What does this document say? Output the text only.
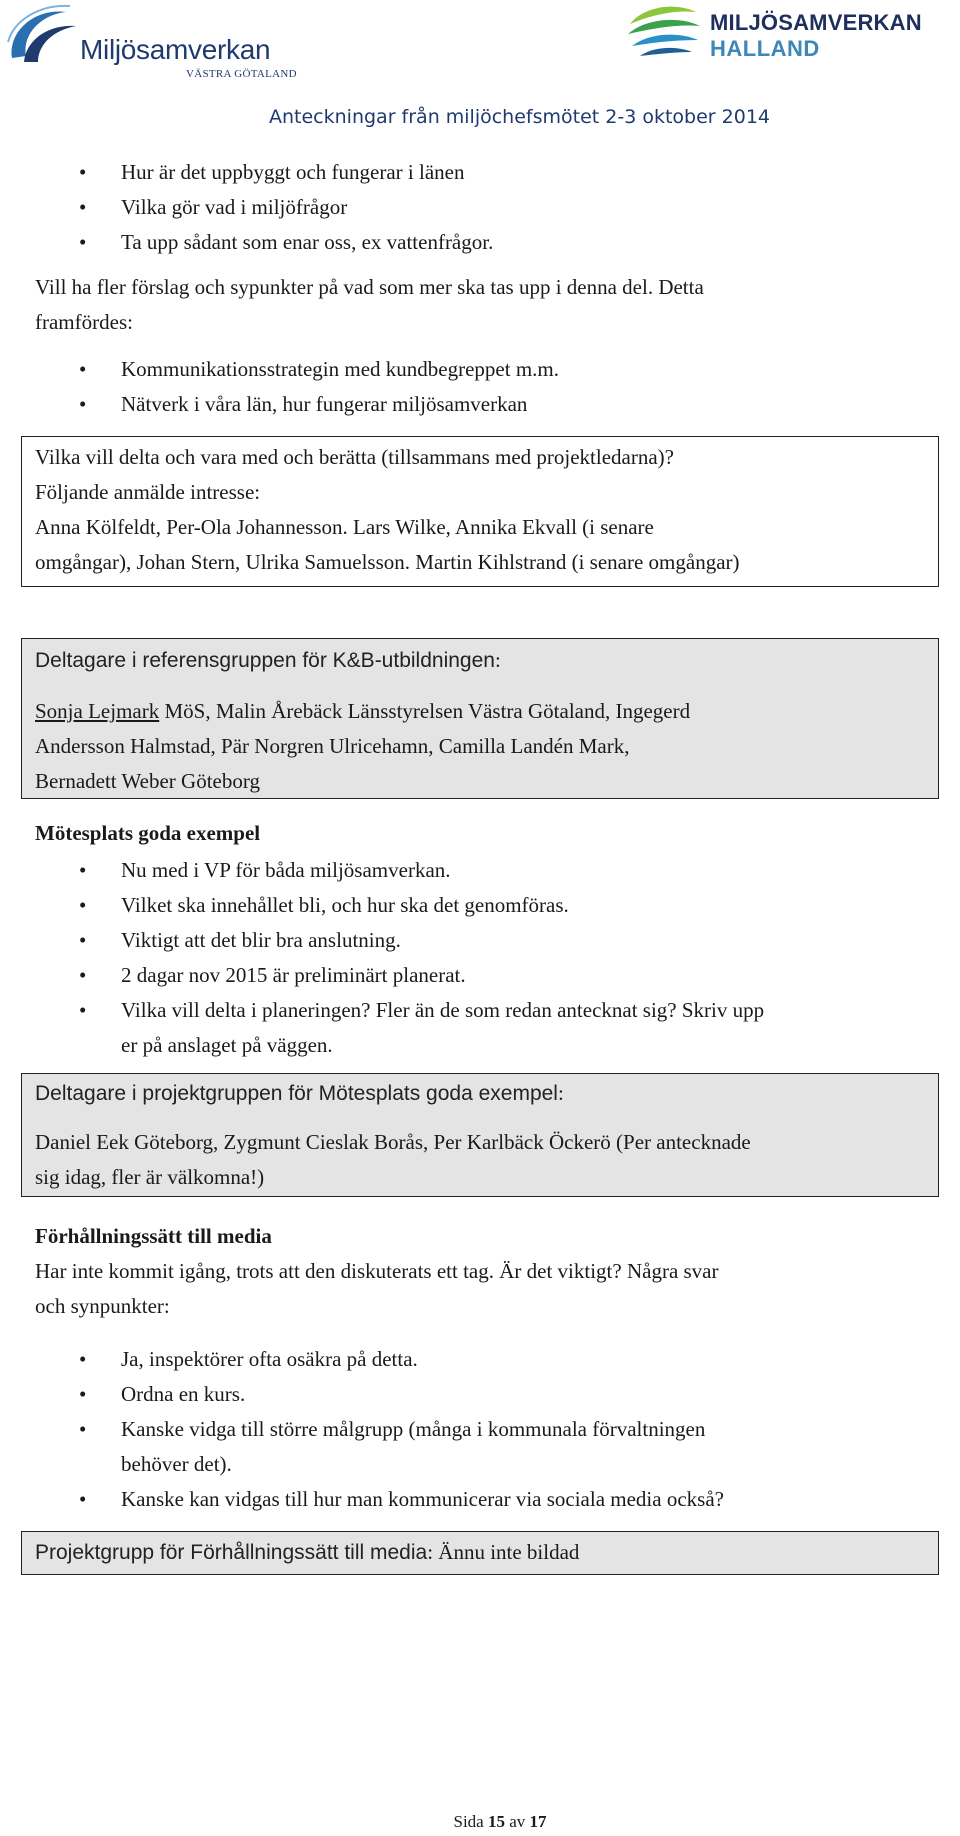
Miljösamverkan
VÄSTRA GÖTALAND
MILJÖSAMVERKAN
HALLAND
Anteckningar från miljöchefsmötet 2-3 oktober 2014
• Hur är det uppbyggt och fungerar i länen
• Vilka gör vad i miljöfrågor
• Ta upp sådant som enar oss, ex vattenfrågor.

Vill ha fler förslag och sypunkter på vad som mer ska tas upp i denna del. Detta
framfördes:

• Kommunikationsstrategin med kundbegreppet m.m.
• Nätverk i våra län, hur fungerar miljösamverkan

Vilka vill delta och vara med och berätta (tillsammans med projektledarna)?
Följande anmälde intresse:
Anna Kölfeldt, Per-Ola Johannesson. Lars Wilke, Annika Ekvall (i senare
omgångar), Johan Stern, Ulrika Samuelsson. Martin Kihlstrand (i senare omgångar)

Deltagare i referensgruppen för K&B-utbildningen:

Sonja Lejmark MöS, Malin Årebäck Länsstyrelsen Västra Götaland, Ingegerd
Andersson Halmstad, Pär Norgren Ulricehamn, Camilla Landén Mark,
Bernadett Weber Göteborg

Mötesplats goda exempel

• Nu med i VP för båda miljösamverkan.
• Vilket ska innehållet bli, och hur ska det genomföras.
• Viktigt att det blir bra anslutning.
• 2 dagar nov 2015 är preliminärt planerat.
• Vilka vill delta i planeringen? Fler än de som redan antecknat sig? Skriv upp
er på anslaget på väggen.

Deltagare i projektgruppen för Mötesplats goda exempel:

Daniel Eek Göteborg, Zygmunt Cieslak Borås, Per Karlbäck Öckerö (Per antecknade
sig idag, fler är välkomna!)

Förhållningssätt till media

Har inte kommit igång, trots att den diskuterats ett tag. Är det viktigt? Några svar
och synpunkter:

• Ja, inspektörer ofta osäkra på detta.
• Ordna en kurs.
• Kanske vidga till större målgrupp (många i kommunala förvaltningen
behöver det).
• Kanske kan vidgas till hur man kommunicerar via sociala media också?

Projektgrupp för Förhållningssätt till media: Ännu inte bildad

Sida 15 av 17
